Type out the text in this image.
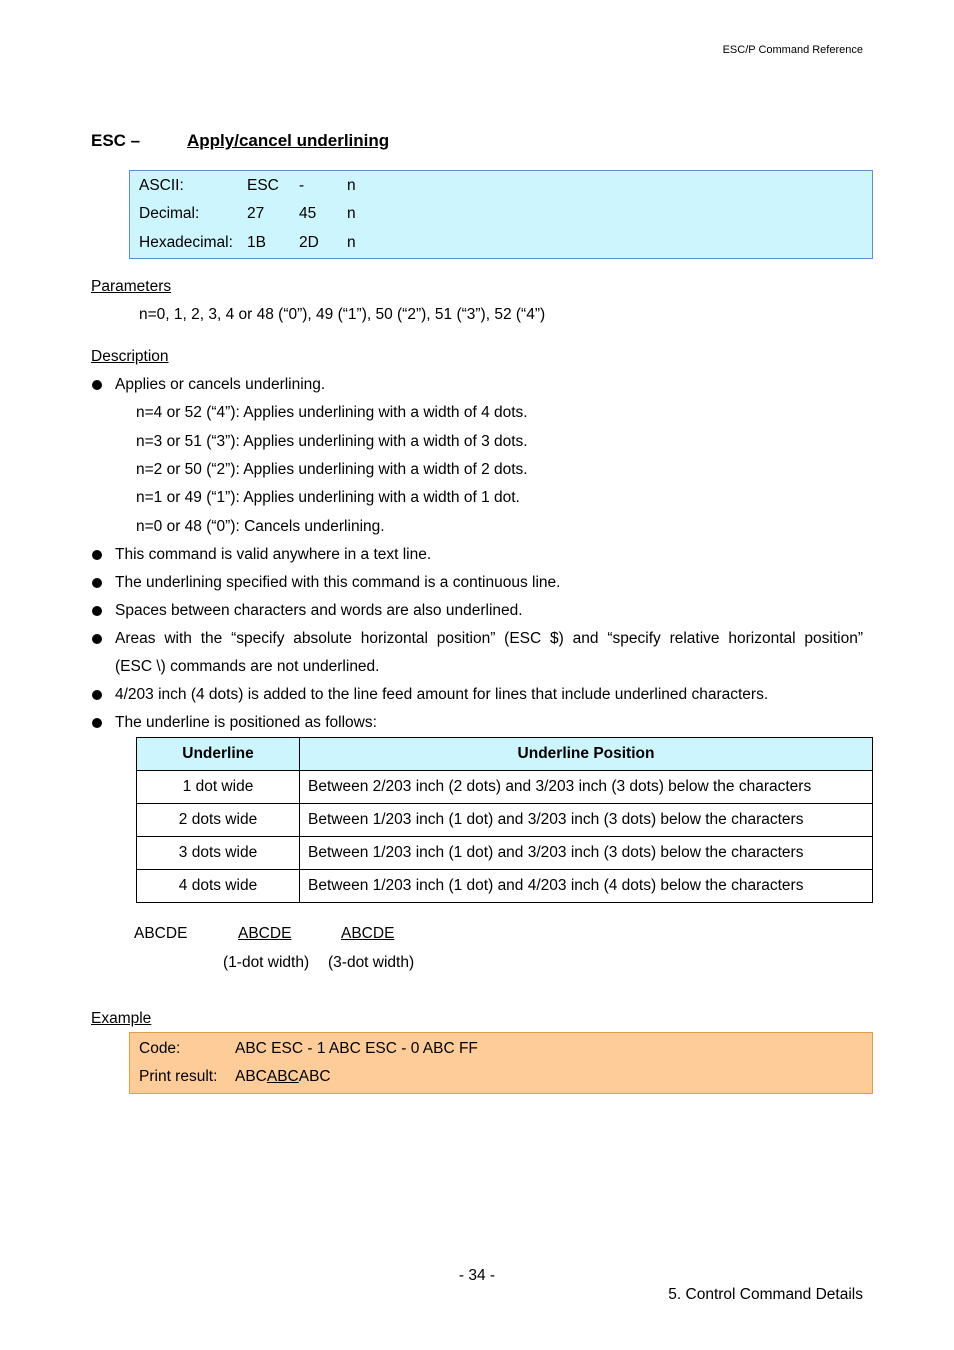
ESC/P Command Reference
ESC –	Apply/cancel underlining
ASCII:	ESC -	n
Decimal:	27 45 n
Hexadecimal: 1B 2D n
Parameters
n=0, 1, 2, 3, 4 or 48 (“0”), 49 (“1”), 50 (“2”), 51 (“3”), 52 (“4”)
Description
Applies or cancels underlining.
n=4 or 52 (“4”): Applies underlining with a width of 4 dots.
n=3 or 51 (“3”): Applies underlining with a width of 3 dots.
n=2 or 50 (“2”): Applies underlining with a width of 2 dots.
n=1 or 49 (“1”): Applies underlining with a width of 1 dot.
n=0 or 48 (“0”): Cancels underlining.
This command is valid anywhere in a text line.
The underlining specified with this command is a continuous line.
Spaces between characters and words are also underlined.
Areas with the “specify absolute horizontal position” (ESC $) and “specify relative horizontal position”
(ESC \) commands are not underlined.
4/203 inch (4 dots) is added to the line feed amount for lines that include underlined characters.
The underline is positioned as follows:
Underline	Underline Position
1 dot wide	Between 2/203 inch (2 dots) and 3/203 inch (3 dots) below the characters
2 dots wide	Between 1/203 inch (1 dot) and 3/203 inch (3 dots) below the characters
3 dots wide	Between 1/203 inch (1 dot) and 3/203 inch (3 dots) below the characters
4 dots wide	Between 1/203 inch (1 dot) and 4/203 inch (4 dots) below the characters
ABCDE	ABCDE	ABCDE
(1-dot width) (3-dot width)
Example
Code:	ABC ESC - 1 ABC ESC - 0 ABC FF
Print result: ABCABCABC
- 34 -
5. Control Command Details
